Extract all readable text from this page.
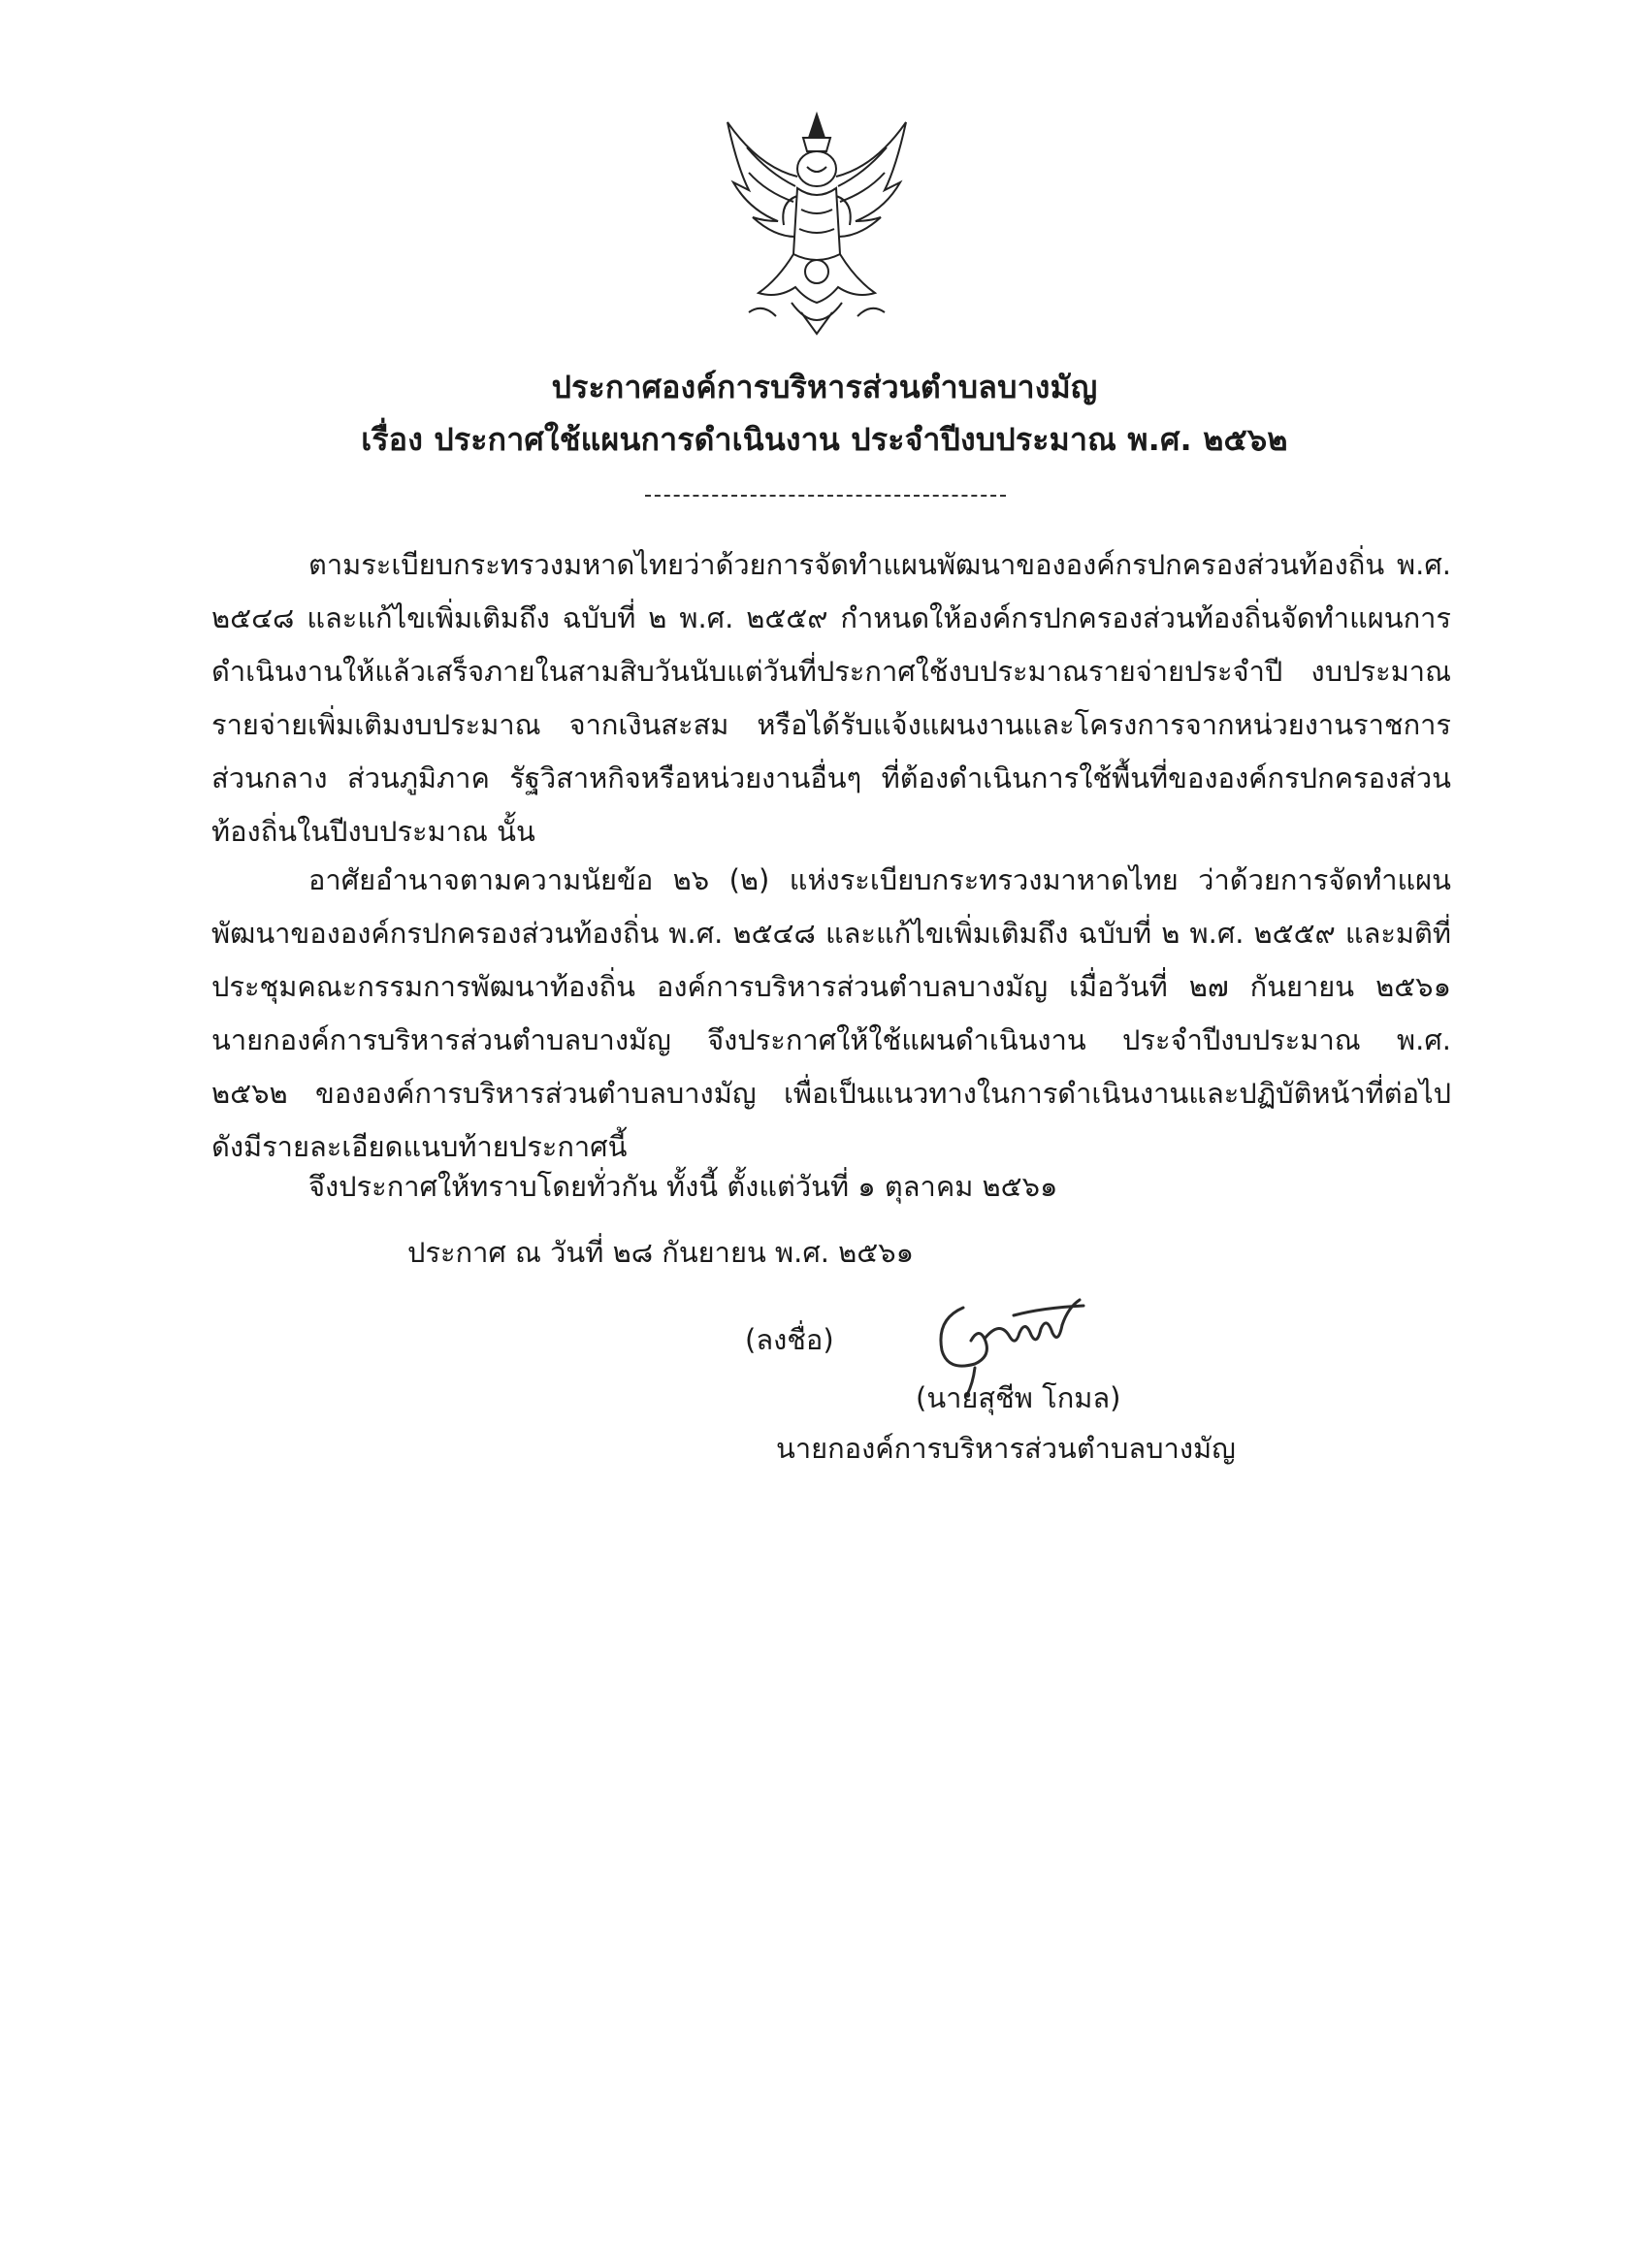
ประกาศองค์การบริหารส่วนตำบลบางมัญ
เรื่อง ประกาศใช้แผนการดำเนินงาน ประจำปีงบประมาณ พ.ศ. ๒๕๖๒

ตามระเบียบกระทรวงมหาดไทยว่าด้วยการจัดทำแผนพัฒนาขององค์กรปกครองส่วนท้องถิ่น พ.ศ. ๒๕๔๘ และแก้ไขเพิ่มเติมถึง ฉบับที่ ๒ พ.ศ. ๒๕๕๙ กำหนดให้องค์กรปกครองส่วนท้องถิ่นจัดทำแผนการดำเนินงานให้แล้วเสร็จภายในสามสิบวันนับแต่วันที่ประกาศใช้งบประมาณรายจ่ายประจำปี งบประมาณรายจ่ายเพิ่มเติมงบประมาณ จากเงินสะสม หรือได้รับแจ้งแผนงานและโครงการจากหน่วยงานราชการส่วนกลาง ส่วนภูมิภาค รัฐวิสาหกิจหรือหน่วยงานอื่นๆ ที่ต้องดำเนินการใช้พื้นที่ขององค์กรปกครองส่วนท้องถิ่นในปีงบประมาณ นั้น

อาศัยอำนาจตามความนัยข้อ ๒๖ (๒) แห่งระเบียบกระทรวงมาหาดไทย ว่าด้วยการจัดทำแผนพัฒนาขององค์กรปกครองส่วนท้องถิ่น พ.ศ. ๒๕๔๘ และแก้ไขเพิ่มเติมถึง ฉบับที่ ๒ พ.ศ. ๒๕๕๙ และมติที่ประชุมคณะกรรมการพัฒนาท้องถิ่น องค์การบริหารส่วนตำบลบางมัญ เมื่อวันที่ ๒๗ กันยายน ๒๕๖๑ นายกองค์การบริหารส่วนตำบลบางมัญ จึงประกาศให้ใช้แผนดำเนินงาน ประจำปีงบประมาณ พ.ศ. ๒๕๖๒ ขององค์การบริหารส่วนตำบลบางมัญ เพื่อเป็นแนวทางในการดำเนินงานและปฏิบัติหน้าที่ต่อไป ดังมีรายละเอียดแนบท้ายประกาศนี้

จึงประกาศให้ทราบโดยทั่วกัน ทั้งนี้ ตั้งแต่วันที่ ๑ ตุลาคม ๒๕๖๑
ประกาศ ณ วันที่ ๒๘ กันยายน พ.ศ. ๒๕๖๑
(ลงชื่อ)
(นายสุชีพ โกมล)
นายกองค์การบริหารส่วนตำบลบางมัญ
